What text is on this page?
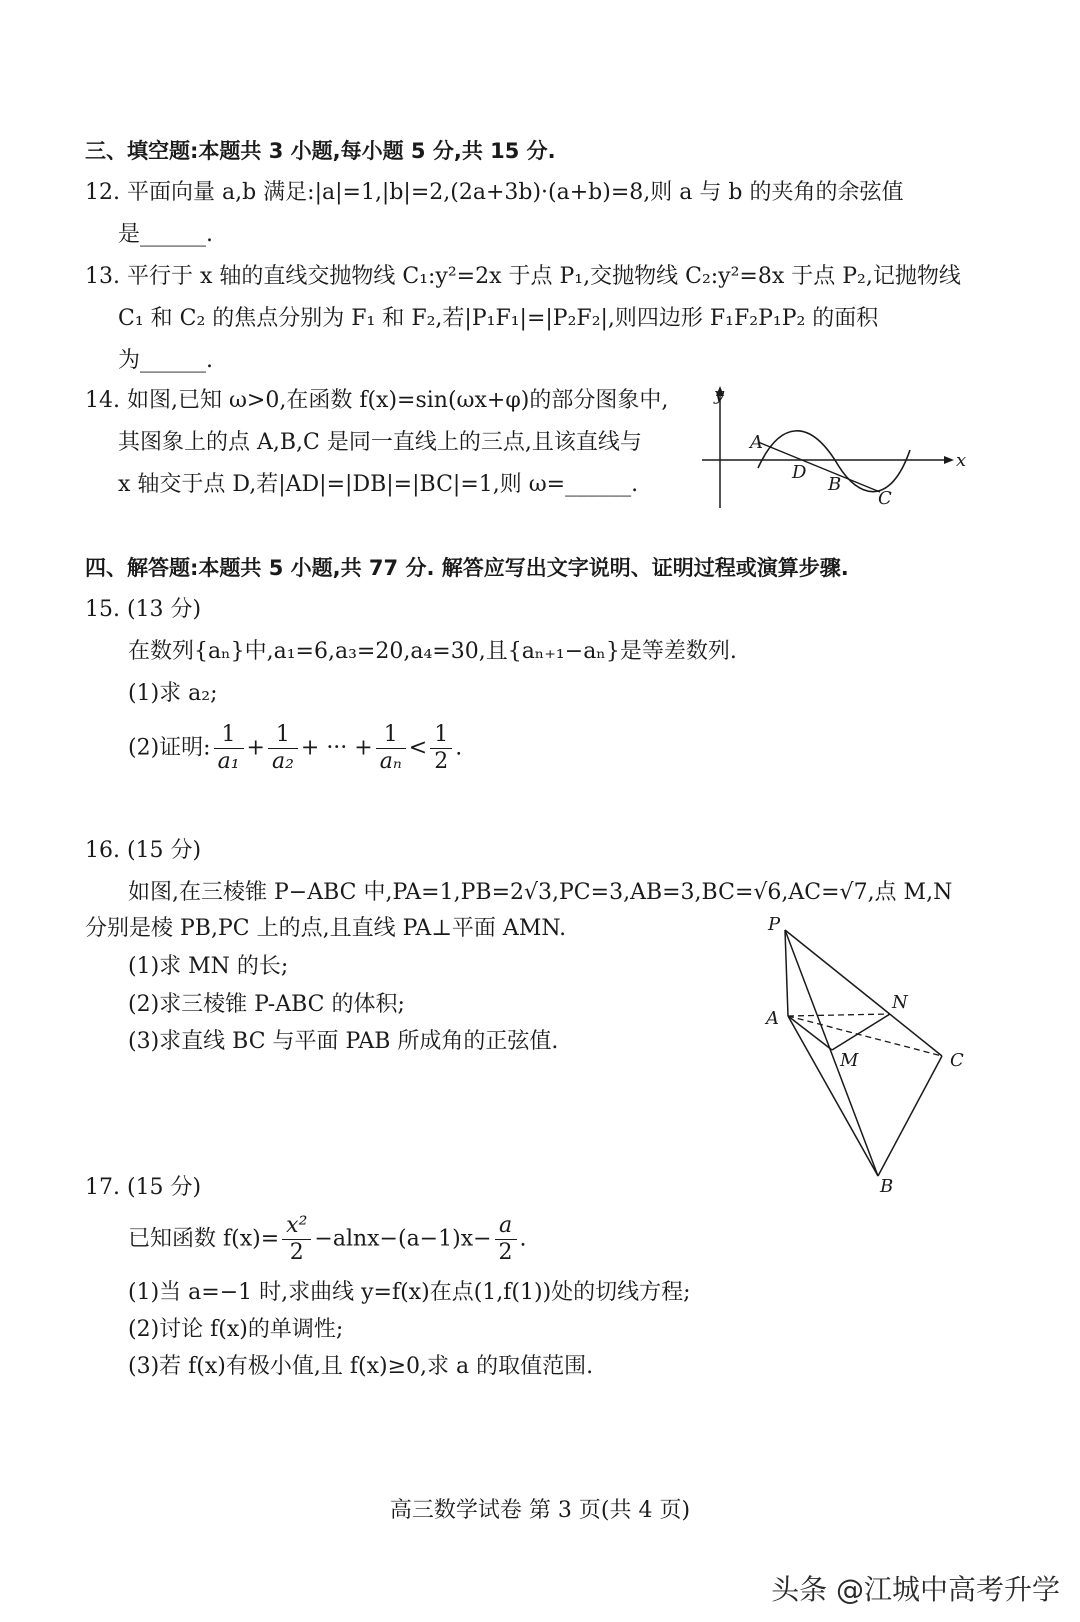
三、填空题:本题共 3 小题,每小题 5 分,共 15 分.
12. 平面向量 a,b 满足:|a|=1,|b|=2,(2a+3b)·(a+b)=8,则 a 与 b 的夹角的余弦值
是______.
13. 平行于 x 轴的直线交抛物线 C₁:y²=2x 于点 P₁,交抛物线 C₂:y²=8x 于点 P₂,记抛物线
C₁ 和 C₂ 的焦点分别为 F₁ 和 F₂,若|P₁F₁|=|P₂F₂|,则四边形 F₁F₂P₁P₂ 的面积
为______.
14. 如图,已知 ω>0,在函数 f(x)=sin(ωx+φ)的部分图象中,
其图象上的点 A,B,C 是同一直线上的三点,且该直线与
x 轴交于点 D,若|AD|=|DB|=|BC|=1,则 ω=______.
y
x
A
D
B
C
四、解答题:本题共 5 小题,共 77 分. 解答应写出文字说明、证明过程或演算步骤.
15. (13 分)
在数列{aₙ}中,a₁=6,a₃=20,a₄=30,且{aₙ₊₁−aₙ}是等差数列.
(1)求 a₂;
(2)证明: $\frac{1}{\text{a₁}} + \frac{1}{\text{a₂}}$ + ··· + $\frac{1}{\text{aₙ}} < \frac{1}{2}$ .
16. (15 分)
如图,在三棱锥 P−ABC 中,PA=1,PB=2√3,PC=3,AB=3,BC=√6,AC=√7,点 M,N
分别是棱 PB,PC 上的点,且直线 PA⊥平面 AMN.
(1)求 MN 的长;
(2)求三棱锥 P-ABC 的体积;
(3)求直线 BC 与平面 PAB 所成角的正弦值.
P
A
N
M	C
B
17. (15 分)
已知函数 $f(x)= \frac{\text{x²}}{2} -alnx-(a-1)x- \frac{a}{2}$ .
(1)当 a=−1 时,求曲线 y=f(x)在点(1,f(1))处的切线方程;
(2)讨论 f(x)的单调性;
(3)若 f(x)有极小值,且 f(x)≥0,求 a 的取值范围.
高三数学试卷 第 3 页(共 4 页)
头条 @江城中高考升学
